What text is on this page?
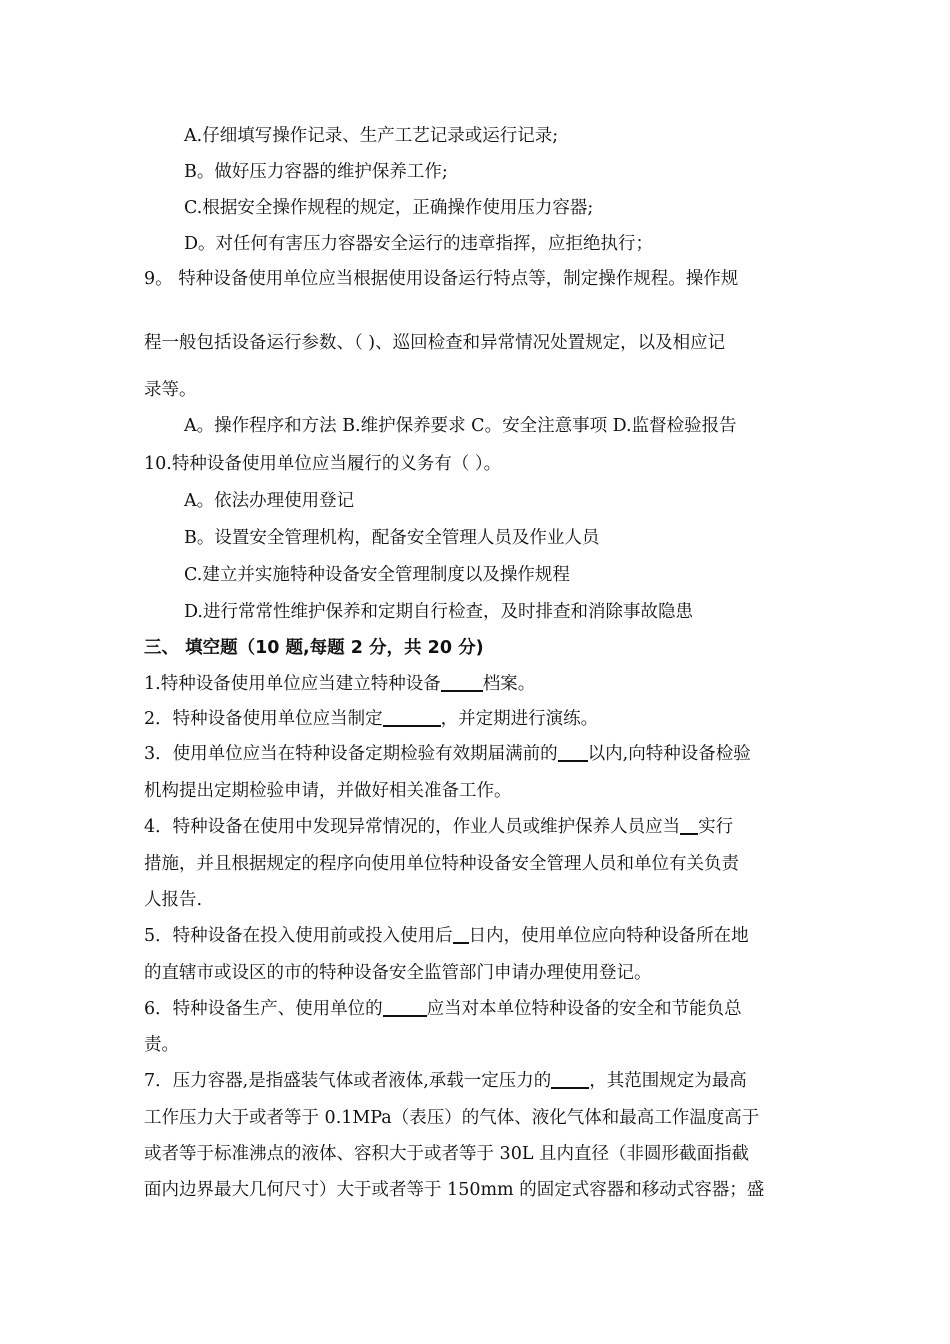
A.仔细填写操作记录、生产工艺记录或运行记录;
B。做好压力容器的维护保养工作;
C.根据安全操作规程的规定，正确操作使用压力容器;
D。对任何有害压力容器安全运行的违章指挥，应拒绝执行；
9。 特种设备使用单位应当根据使用设备运行特点等，制定操作规程。操作规
程一般包括设备运行参数、（ )、巡回检查和异常情况处置规定，以及相应记
录等。
A。操作程序和方法 B.维护保养要求 C。安全注意事项 D.监督检验报告
10.特种设备使用单位应当履行的义务有（ ）。
A。依法办理使用登记
B。设置安全管理机构，配备安全管理人员及作业人员
C.建立并实施特种设备安全管理制度以及操作规程
D.进行常常性维护保养和定期自行检查，及时排查和消除事故隐患
三、 填空题（10 题,每题 2 分，共 20 分)
1.特种设备使用单位应当建立特种设备 档案。
2．特种设备使用单位应当制定	，并定期进行演练。
3．使用单位应当在特种设备定期检验有效期届满前的 以内,向特种设备检验
机构提出定期检验申请，并做好相关准备工作。
4．特种设备在使用中发现异常情况的，作业人员或维护保养人员应当 实行
措施，并且根据规定的程序向使用单位特种设备安全管理人员和单位有关负责
人报告.
5．特种设备在投入使用前或投入使用后 日内，使用单位应向特种设备所在地
的直辖市或设区的市的特种设备安全监管部门申请办理使用登记。
6．特种设备生产、使用单位的	应当对本单位特种设备的安全和节能负总
责。
7．压力容器,是指盛装气体或者液体,承载一定压力的 ，其范围规定为最高
工作压力大于或者等于 0.1MPa（表压）的气体、液化气体和最高工作温度高于
或者等于标准沸点的液体、容积大于或者等于 30L 且内直径（非圆形截面指截
面内边界最大几何尺寸）大于或者等于 150mm 的固定式容器和移动式容器；盛
